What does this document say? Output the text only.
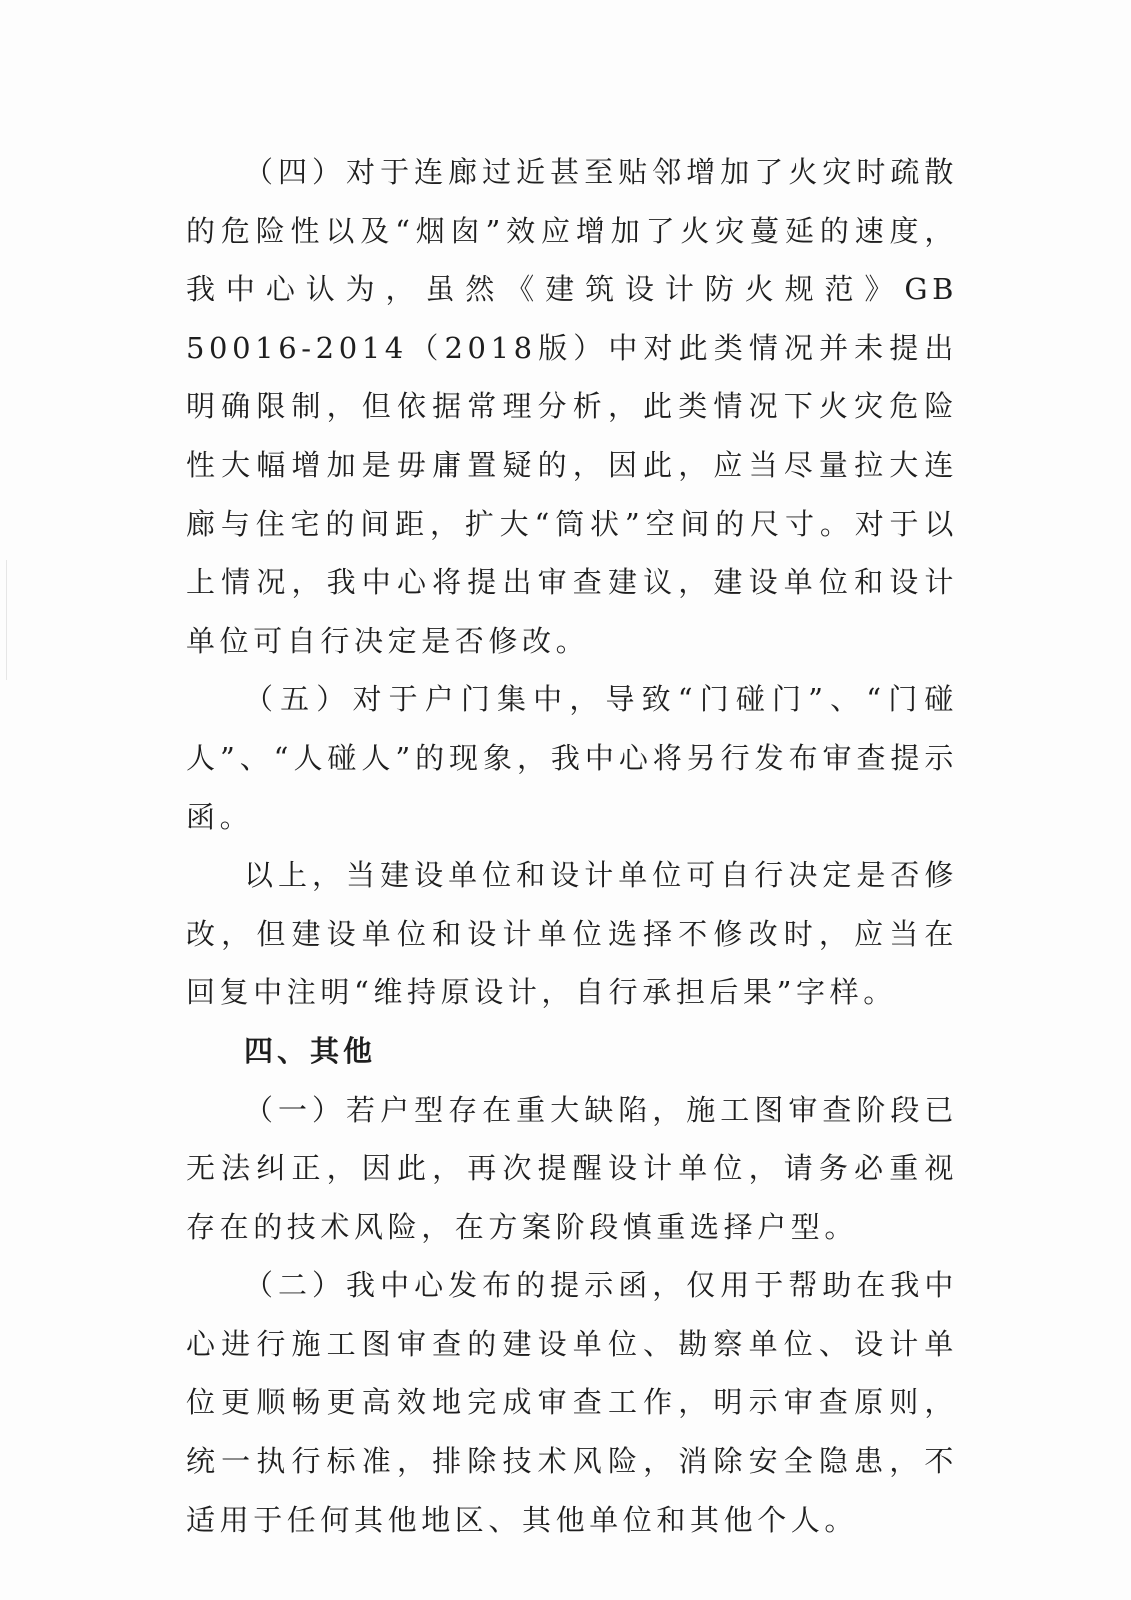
（四）对于连廊过近甚至贴邻增加了火灾时疏散的危险性以及“烟囱”效应增加了火灾蔓延的速度，我中心认为，虽然《建筑设计防火规范》GB 50016-2014（2018版）中对此类情况并未提出明确限制，但依据常理分析，此类情况下火灾危险性大幅增加是毋庸置疑的，因此，应当尽量拉大连廊与住宅的间距，扩大“筒状”空间的尺寸。对于以上情况，我中心将提出审查建议，建设单位和设计单位可自行决定是否修改。

（五）对于户门集中，导致“门碰门”、“门碰人”、“人碰人”的现象，我中心将另行发布审查提示函。

以上，当建设单位和设计单位可自行决定是否修改，但建设单位和设计单位选择不修改时，应当在回复中注明“维持原设计，自行承担后果”字样。

四、其他

（一）若户型存在重大缺陷，施工图审查阶段已无法纠正，因此，再次提醒设计单位，请务必重视存在的技术风险，在方案阶段慎重选择户型。

（二）我中心发布的提示函，仅用于帮助在我中心进行施工图审查的建设单位、勘察单位、设计单位更顺畅更高效地完成审查工作，明示审查原则，统一执行标准，排除技术风险，消除安全隐患，不适用于任何其他地区、其他单位和其他个人。
